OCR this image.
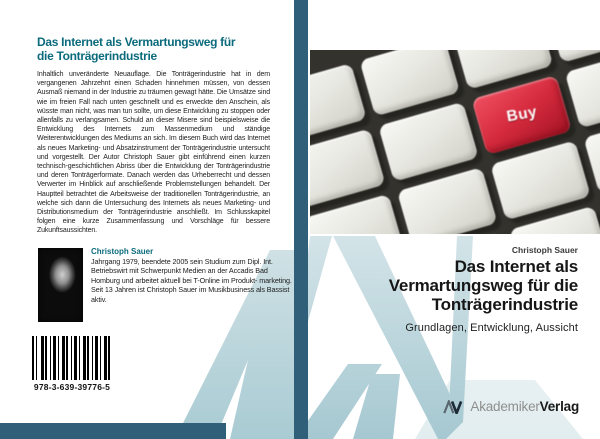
Das Internet als Vermartungsweg für
die Tonträgerindustrie

Inhaltlich unveränderte Neuauflage. Die Tonträgerindustrie hat in dem vergangenen Jahrzehnt einen Schaden hinnehmen müssen, von dessen Ausmaß niemand in der Industrie zu träumen gewagt hätte. Die Umsätze sind wie im freien Fall nach unten geschnellt und es erweckte den Anschein, als wüsste man nicht, was man tun sollte, um diese Entwicklung zu stoppen oder allenfalls zu verlangsamen. Schuld an dieser Misere sind beispielsweise die Entwicklung des Internets zum Massenmedium und ständige Weiterentwicklungen des Mediums an sich. Im diesem Buch wird das Internet als neues Marketing- und Absatzinstrument der Tonträgerindustrie untersucht und vorgestellt. Der Autor Christoph Sauer gibt einführend einen kurzen technisch-geschichtlichen Abriss über die Entwicklung der Tonträgerindustrie und deren Tonträgerformate. Danach werden das Urheberrecht und dessen Verwerter im Hinblick auf anschließende Problemstellungen behandelt. Der Hauptteil betrachtet die Arbeitsweise der traditionellen Tonträgerindustrie, an welche sich dann die Untersuchung des Internets als neues Marketing- und Distributionsmedium der Tonträgerindustrie anschließt. Im Schlusskapitel folgen eine kurze Zusammenfassung und Vorschläge für bessere Zukunftsaussichten.

Christoph Sauer
Jahrgang 1979, beendete 2005 sein Studium zum Dipl. Int. Betriebswirt mit Schwerpunkt Medien an der Accadis Bad Homburg und arbeitet aktuell bei T-Online im Produkt- marketing. Seit 13 Jahren ist Christoph Sauer im Musikbusiness als Bassist aktiv.
978-3-639-39776-5
Buy
Christoph Sauer
Das Internet als
Vermartungsweg für die
Tonträgerindustrie
Grundlagen, Entwicklung, Aussicht
AkademikerVerlag
